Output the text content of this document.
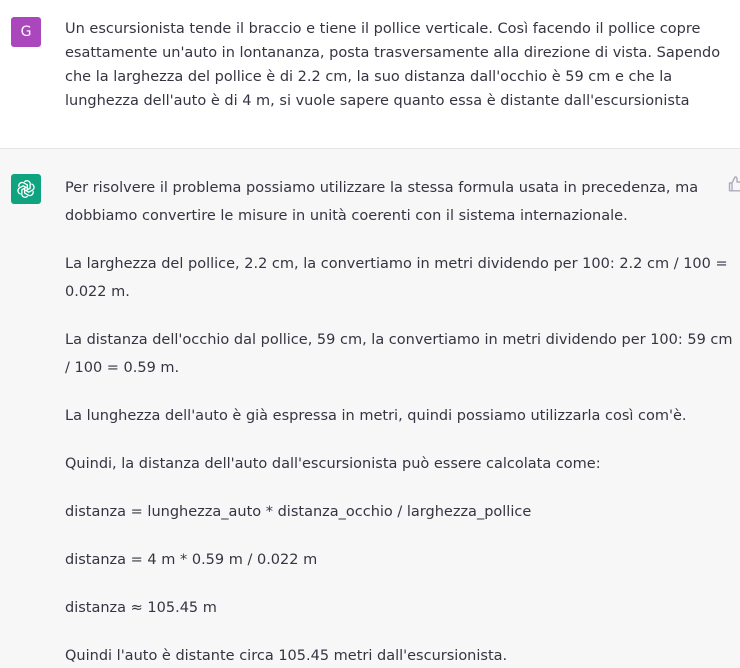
G	Un escursionista tende il braccio e tiene il pollice verticale. Così facendo il pollice copre
esattamente un'auto in lontananza, posta trasversamente alla direzione di vista. Sapendo
che la larghezza del pollice è di 2.2 cm, la suo distanza dall'occhio è 59 cm e che la
lunghezza dell'auto è di 4 m, si vuole sapere quanto essa è distante dall'escursionista
Per risolvere il problema possiamo utilizzare la stessa formula usata in precedenza, ma
dobbiamo convertire le misure in unità coerenti con il sistema internazionale.
La larghezza del pollice, 2.2 cm, la convertiamo in metri dividendo per 100: 2.2 cm / 100 =
0.022 m.
La distanza dell'occhio dal pollice, 59 cm, la convertiamo in metri dividendo per 100: 59 cm
/ 100 = 0.59 m.
La lunghezza dell'auto è già espressa in metri, quindi possiamo utilizzarla così com'è.
Quindi, la distanza dell'auto dall'escursionista può essere calcolata come:
distanza = lunghezza_auto * distanza_occhio / larghezza_pollice
distanza = 4 m * 0.59 m / 0.022 m
distanza ≈ 105.45 m
Quindi l'auto è distante circa 105.45 metri dall'escursionista.
